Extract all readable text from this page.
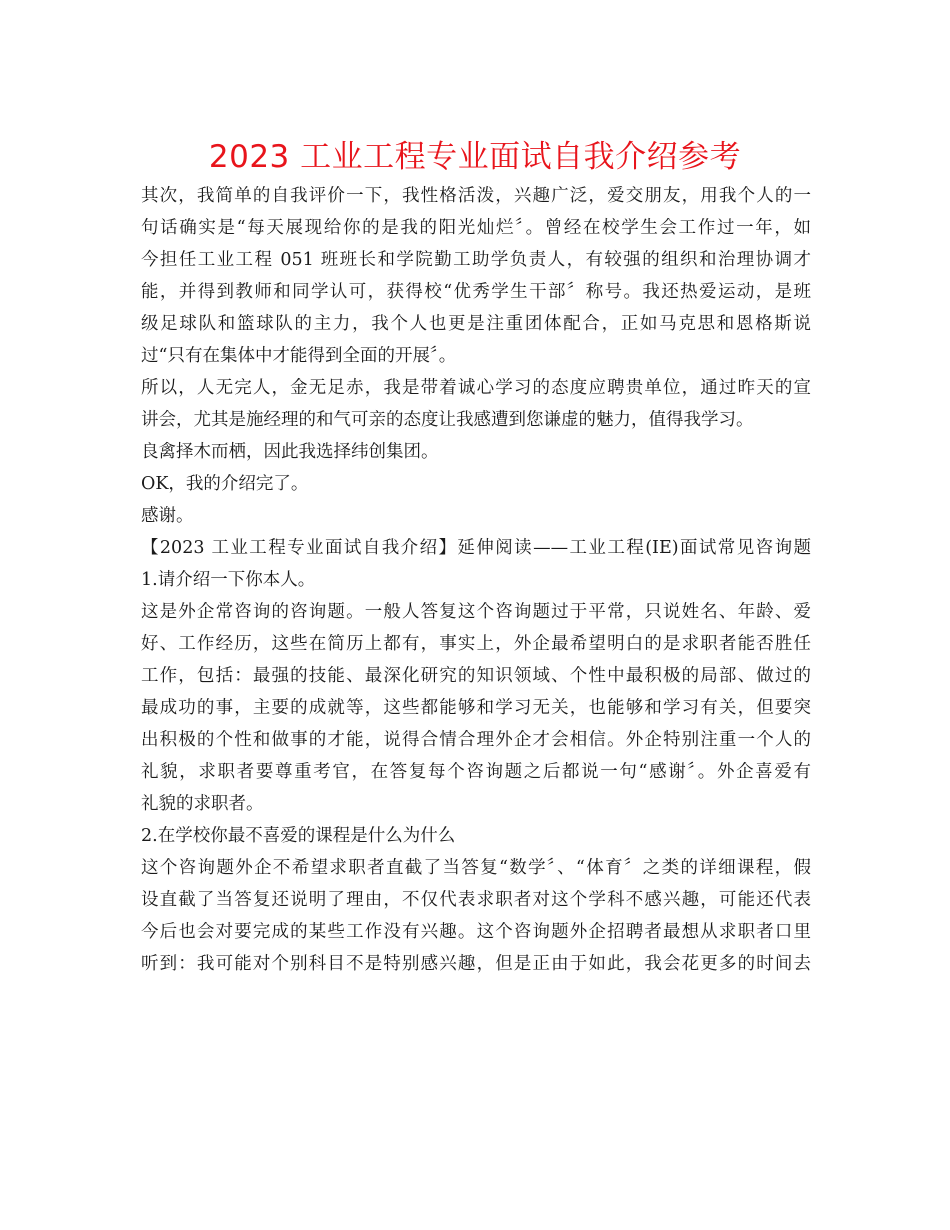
2023 工业工程专业面试自我介绍参考
其次，我简单的自我评价一下，我性格活泼，兴趣广泛，爱交朋友，用我个人的一
句话确实是“每天展现给你的是我的阳光灿烂〞。曾经在校学生会工作过一年，如
今担任工业工程 051 班班长和学院勤工助学负责人，有较强的组织和治理协调才
能，并得到教师和同学认可，获得校“优秀学生干部〞称号。我还热爱运动，是班
级足球队和篮球队的主力，我个人也更是注重团体配合，正如马克思和恩格斯说
过“只有在集体中才能得到全面的开展〞。
所以，人无完人，金无足赤，我是带着诚心学习的态度应聘贵单位，通过昨天的宣
讲会，尤其是施经理的和气可亲的态度让我感遭到您谦虚的魅力，值得我学习。
良禽择木而栖，因此我选择纬创集团。
OK，我的介绍完了。
感谢。
【2023 工业工程专业面试自我介绍】延伸阅读——工业工程(IE)面试常见咨询题
1.请介绍一下你本人。
这是外企常咨询的咨询题。一般人答复这个咨询题过于平常，只说姓名、年龄、爱
好、工作经历，这些在简历上都有，事实上，外企最希望明白的是求职者能否胜任
工作，包括：最强的技能、最深化研究的知识领域、个性中最积极的局部、做过的
最成功的事，主要的成就等，这些都能够和学习无关，也能够和学习有关，但要突
出积极的个性和做事的才能，说得合情合理外企才会相信。外企特别注重一个人的
礼貌，求职者要尊重考官，在答复每个咨询题之后都说一句“感谢〞。外企喜爱有
礼貌的求职者。
2.在学校你最不喜爱的课程是什么为什么
这个咨询题外企不希望求职者直截了当答复“数学〞、“体育〞之类的详细课程，假
设直截了当答复还说明了理由，不仅代表求职者对这个学科不感兴趣，可能还代表
今后也会对要完成的某些工作没有兴趣。这个咨询题外企招聘者最想从求职者口里
听到：我可能对个别科目不是特别感兴趣，但是正由于如此，我会花更多的时间去
